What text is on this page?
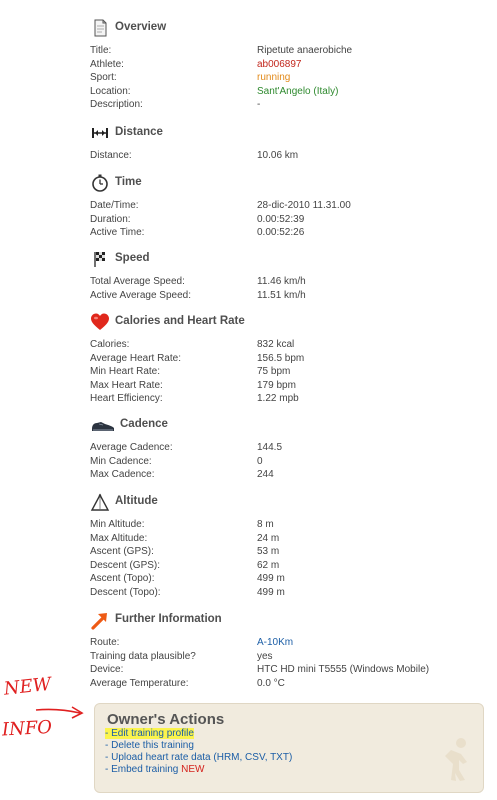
Overview
Title:	Ripetute anaerobiche
Athlete:	ab006897
Sport:	running
Location:	Sant'Angelo (Italy)
Description:	-
Distance
Distance:	10.06 km
Time
Date/Time:	28-dic-2010 11.31.00
Duration:	0.00:52:39
Active Time:	0.00:52:26
Speed
Total Average Speed:	11.46 km/h
Active Average Speed:	11.51 km/h
Calories and Heart Rate
Calories:	832 kcal
Average Heart Rate:	156.5 bpm
Min Heart Rate:	75 bpm
Max Heart Rate:	179 bpm
Heart Efficiency:	1.22 mpb
Cadence
Average Cadence:	144.5
Min Cadence:	0
Max Cadence:	244
Altitude
Min Altitude:	8 m
Max Altitude:	24 m
Ascent (GPS):	53 m
Descent (GPS):	62 m
Ascent (Topo):	499 m
Descent (Topo):	499 m
Further Information
Route:	A-10Km
Training data plausible?	yes
Device:	HTC HD mini T5555 (Windows Mobile)
Average Temperature:	0.0 °C
Owner's Actions
- Edit training profile
- Delete this training
- Upload heart rate data (HRM, CSV, TXT)
- Embed training NEW
NEW
INFO
